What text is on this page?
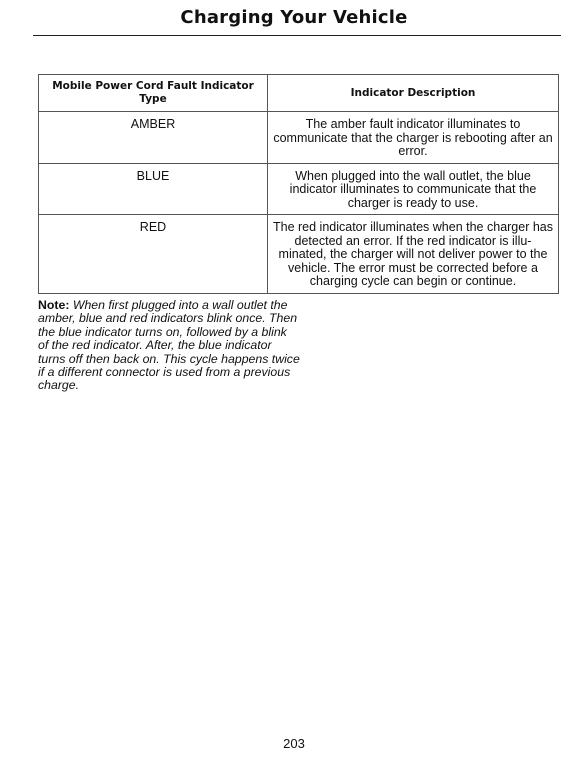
Charging Your Vehicle
Mobile Power Cord Fault Indicator Type	Indicator Description
AMBER	The amber fault indicator illuminates to communicate that the charger is rebooting after an error.
BLUE	When plugged into the wall outlet, the blue indicator illuminates to communicate that the charger is ready to use.
RED	The red indicator illuminates when the charger has detected an error. If the red indicator is illu-minated, the charger will not deliver power to the vehicle. The error must be corrected before a charging cycle can begin or continue.
Note: When first plugged into a wall outlet the amber, blue and red indicators blink once. Then the blue indicator turns on, followed by a blink of the red indicator. After, the blue indicator turns off then back on. This cycle happens twice if a different connector is used from a previous charge.
203
